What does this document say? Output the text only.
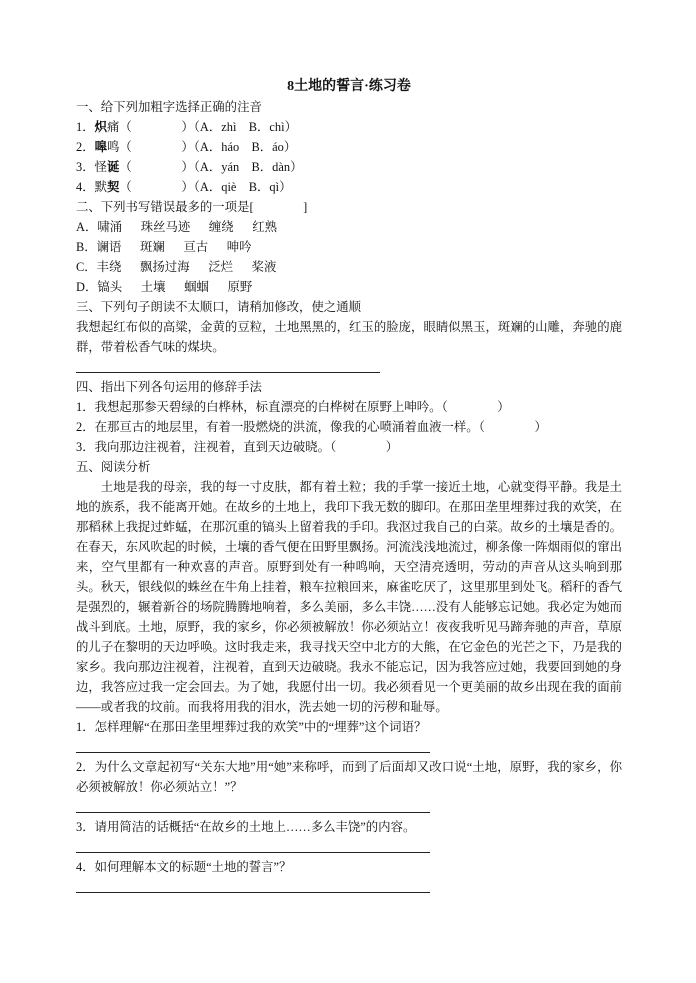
8土地的誓言·练习卷
一、给下列加粗字选择正确的注音
1．炽痛（　　　　）（A．zhì　B．chì）
2．嗥鸣（　　　　）（A．háo　B．áo）
3．怪诞（　　　　）（A．yán　B．dàn）
4．默契（　　　　）（A．qiè　B．qì）
二、下列书写错误最多的一项是[　　　　]
A．啸涌 珠丝马迹 缠绕 红熟
B．谰语 斑斓 亘古 呻吟
C．丰绕 飘扬过海 泛烂 桨液
D．镐头 土壤 蝈蝈 原野
三、下列句子朗读不太顺口，请稍加修改，使之通顺
我想起红布似的高粱，金黄的豆粒，土地黑黑的，红玉的脸庞，眼睛似黑玉，斑斓的山雕，奔驰的鹿群，带着松香气味的煤块。
四、指出下列各句运用的修辞手法
1．我想起那参天碧绿的白桦林，标直漂亮的白桦树在原野上呻吟。（　　　　）
2．在那亘古的地层里，有着一股燃烧的洪流，像我的心喷涌着血液一样。（　　　　）
3．我向那边注视着，注视着，直到天边破晓。（　　　　）
五、阅读分析

土地是我的母亲，我的每一寸皮肤，都有着土粒；我的手掌一接近土地，心就变得平静。我是土地的族系，我不能离开她。在故乡的土地上，我印下我无数的脚印。在那田垄里埋葬过我的欢笑，在那稻秫上我捉过蚱蜢，在那沉重的镐头上留着我的手印。我沤过我自己的白菜。故乡的土壤是香的。在春天，东风吹起的时候，土壤的香气便在田野里飘扬。河流浅浅地流过，柳条像一阵烟雨似的窜出来，空气里都有一种欢喜的声音。原野到处有一种鸣响，天空清亮透明，劳动的声音从这头响到那头。秋天，银线似的蛛丝在牛角上挂着，粮车拉粮回来，麻雀吃厌了，这里那里到处飞。稻秆的香气是强烈的，辗着新谷的场院腾腾地响着，多么美丽，多么丰饶……没有人能够忘记她。我必定为她而战斗到底。土地，原野，我的家乡，你必须被解放！你必须站立！夜夜我听见马蹄奔驰的声音，草原的儿子在黎明的天边呼唤。这时我走来，我寻找天空中北方的大熊，在它金色的光芒之下，乃是我的家乡。我向那边注视着，注视着，直到天边破晓。我永不能忘记，因为我答应过她，我要回到她的身边，我答应过我一定会回去。为了她，我愿付出一切。我必须看见一个更美丽的故乡出现在我的面前——或者我的坟前。而我将用我的泪水，洗去她一切的污秽和耻辱。

1．怎样理解“在那田垄里埋葬过我的欢笑”中的“埋葬”这个词语？
2．为什么文章起初写“关东大地”用“她”来称呼，而到了后面却又改口说“土地，原野，我的家乡，你必须被解放！你必须站立！”？
3．请用简洁的话概括“在故乡的土地上……多么丰饶”的内容。
4．如何理解本文的标题“土地的誓言”？
